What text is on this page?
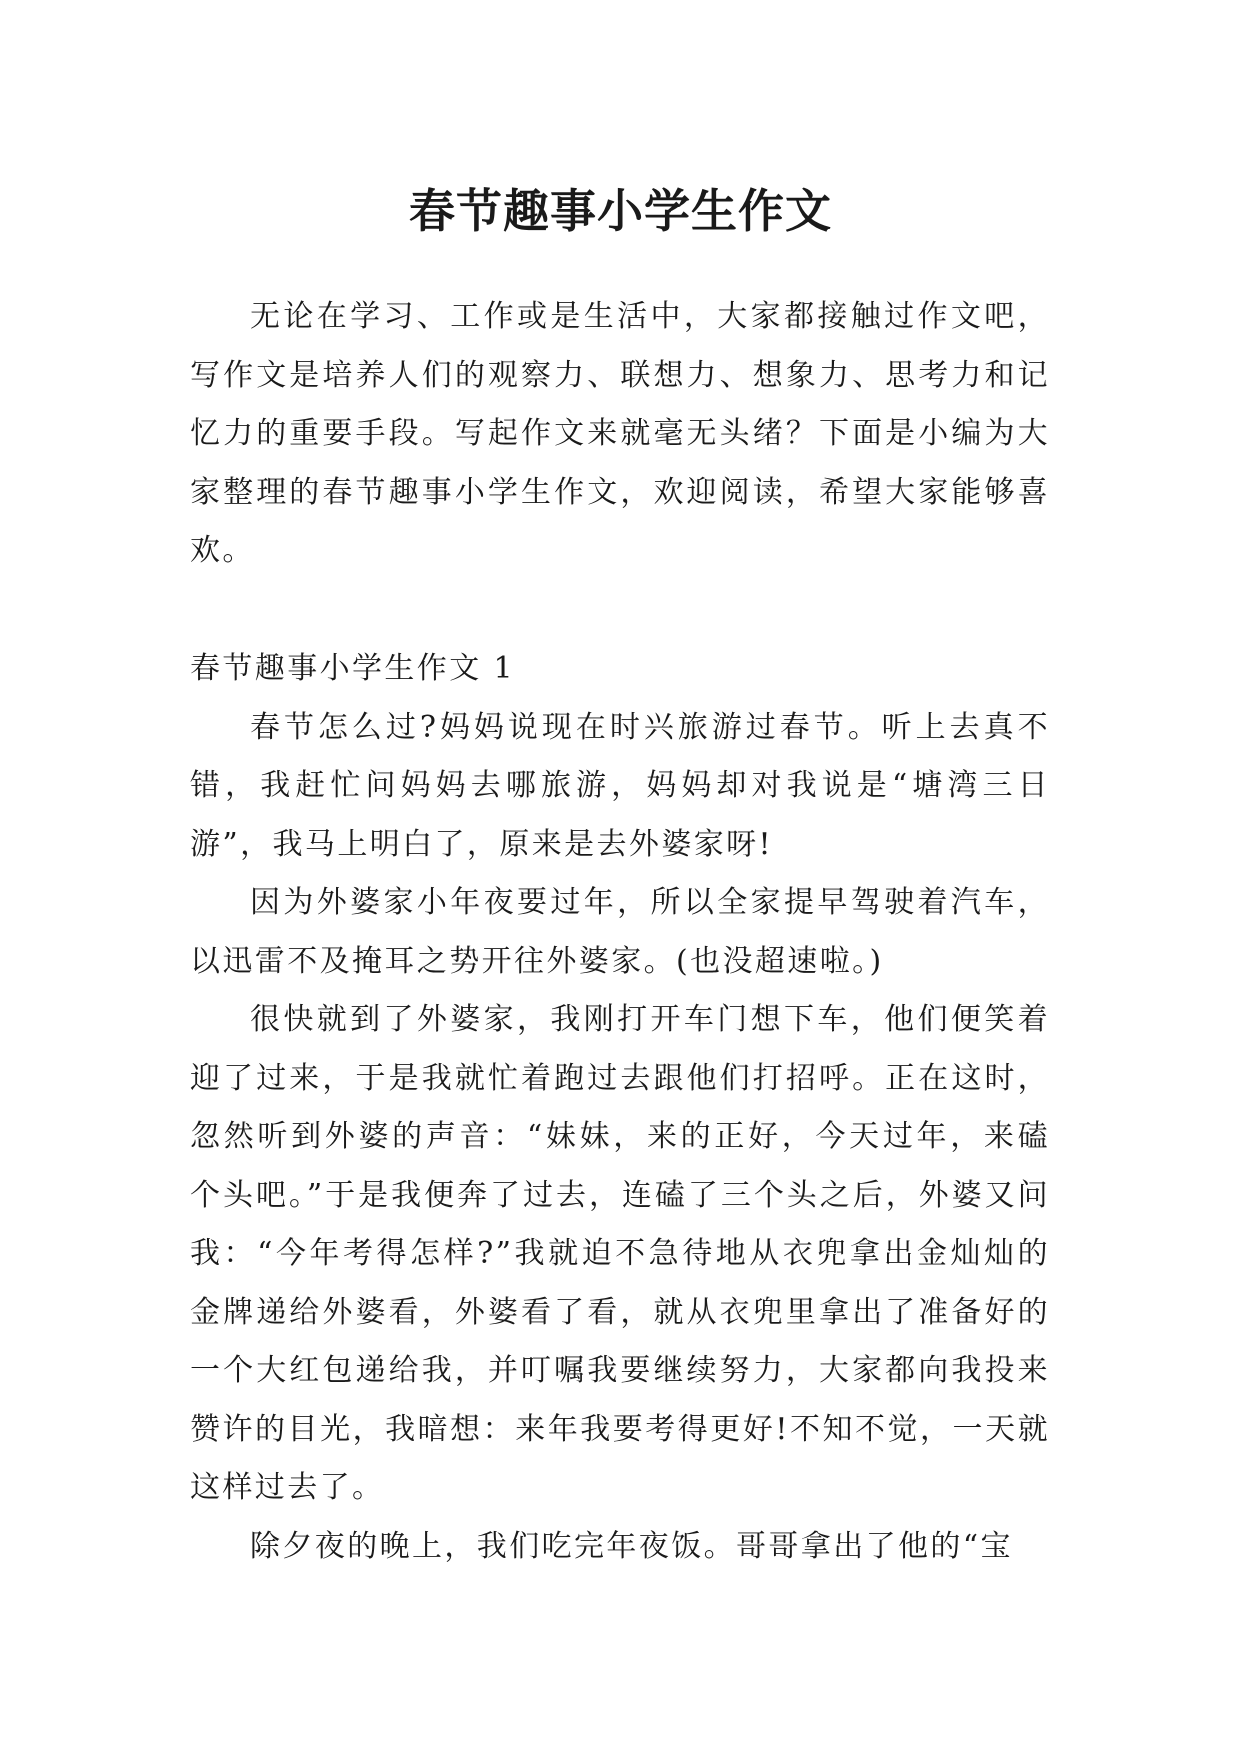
春节趣事小学生作文

无论在学习、工作或是生活中，大家都接触过作文吧，写作文是培养人们的观察力、联想力、想象力、思考力和记忆力的重要手段。写起作文来就毫无头绪？下面是小编为大家整理的春节趣事小学生作文，欢迎阅读，希望大家能够喜欢。

春节趣事小学生作文 1

春节怎么过?妈妈说现在时兴旅游过春节。听上去真不错，我赶忙问妈妈去哪旅游，妈妈却对我说是“塘湾三日游”，我马上明白了，原来是去外婆家呀!

因为外婆家小年夜要过年，所以全家提早驾驶着汽车，以迅雷不及掩耳之势开往外婆家。(也没超速啦。)

很快就到了外婆家，我刚打开车门想下车，他们便笑着迎了过来，于是我就忙着跑过去跟他们打招呼。正在这时，忽然听到外婆的声音：“妹妹，来的正好，今天过年，来磕个头吧。”于是我便奔了过去，连磕了三个头之后，外婆又问我：“今年考得怎样?”我就迫不急待地从衣兜拿出金灿灿的金牌递给外婆看，外婆看了看，就从衣兜里拿出了准备好的一个大红包递给我，并叮嘱我要继续努力，大家都向我投来赞许的目光，我暗想：来年我要考得更好!不知不觉，一天就这样过去了。

除夕夜的晚上，我们吃完年夜饭。哥哥拿出了他的“宝
